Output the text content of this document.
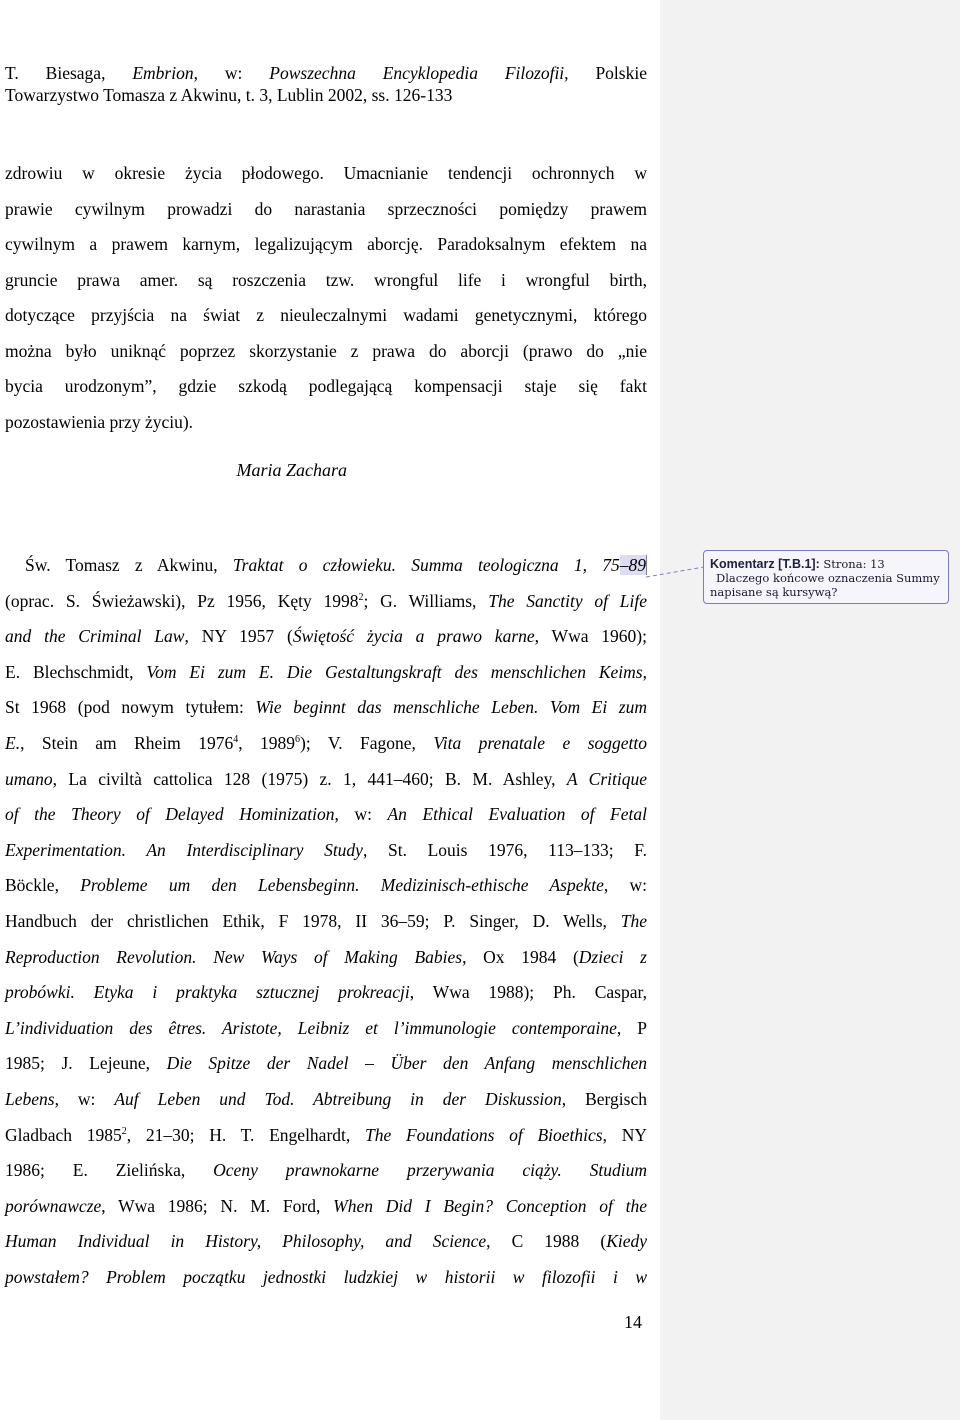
T. Biesaga, Embrion, w: Powszechna Encyklopedia Filozofii, Polskie
Towarzystwo Tomasza z Akwinu, t. 3, Lublin 2002, ss. 126-133
zdrowiu w okresie życia płodowego. Umacnianie tendencji ochronnych w
prawie cywilnym prowadzi do narastania sprzeczności pomiędzy prawem
cywilnym a prawem karnym, legalizującym aborcję. Paradoksalnym efektem na
gruncie prawa amer. są roszczenia tzw. wrongful life i wrongful birth,
dotyczące przyjścia na świat z nieuleczalnymi wadami genetycznymi, którego
można było uniknąć poprzez skorzystanie z prawa do aborcji (prawo do „nie
bycia urodzonym”, gdzie szkodą podlegającą kompensacji staje się fakt
pozostawienia przy życiu).
Maria Zachara
Św. Tomasz z Akwinu, Traktat o człowieku. Summa teologiczna 1, 75–89
(oprac. S. Świeżawski), Pz 1956, Kęty 1998$^2$; G. Williams, The Sanctity of Life
and the Criminal Law, NY 1957 (Świętość życia a prawo karne, Wwa 1960);
E. Blechschmidt, Vom Ei zum E. Die Gestaltungskraft des menschlichen Keims,
St 1968 (pod nowym tytułem: Wie beginnt das menschliche Leben. Vom Ei zum
E., Stein am Rheim 1976$^4$, 1989$^6$); V. Fagone, Vita prenatale e soggetto
umano, La civiltà cattolica 128 (1975) z. 1, 441–460; B. M. Ashley, A Critique
of the Theory of Delayed Hominization, w: An Ethical Evaluation of Fetal
Experimentation. An Interdisciplinary Study, St. Louis 1976, 113–133; F.
Böckle, Probleme um den Lebensbeginn. Medizinisch-ethische Aspekte, w:
Handbuch der christlichen Ethik, F 1978, II 36–59; P. Singer, D. Wells, The
Reproduction Revolution. New Ways of Making Babies, Ox 1984 (Dzieci z
probówki. Etyka i praktyka sztucznej prokreacji, Wwa 1988); Ph. Caspar,
L’individuation des êtres. Aristote, Leibniz et l’immunologie contemporaine, P
1985; J. Lejeune, Die Spitze der Nadel – Über den Anfang menschlichen
Lebens, w: Auf Leben und Tod. Abtreibung in der Diskussion, Bergisch
Gladbach 1985$^2$, 21–30; H. T. Engelhardt, The Foundations of Bioethics, NY
1986; E. Zielińska, Oceny prawnokarne przerywania ciąży. Studium
porównawcze, Wwa 1986; N. M. Ford, When Did I Begin? Conception of the
Human Individual in History, Philosophy, and Science, C 1988 (Kiedy
powstałem? Problem początku jednostki ludzkiej w historii w filozofii i w
14
Komentarz [T.B.1]: Strona: 13
Dlaczego końcowe oznaczenia Summy
napisane są kursywą?
